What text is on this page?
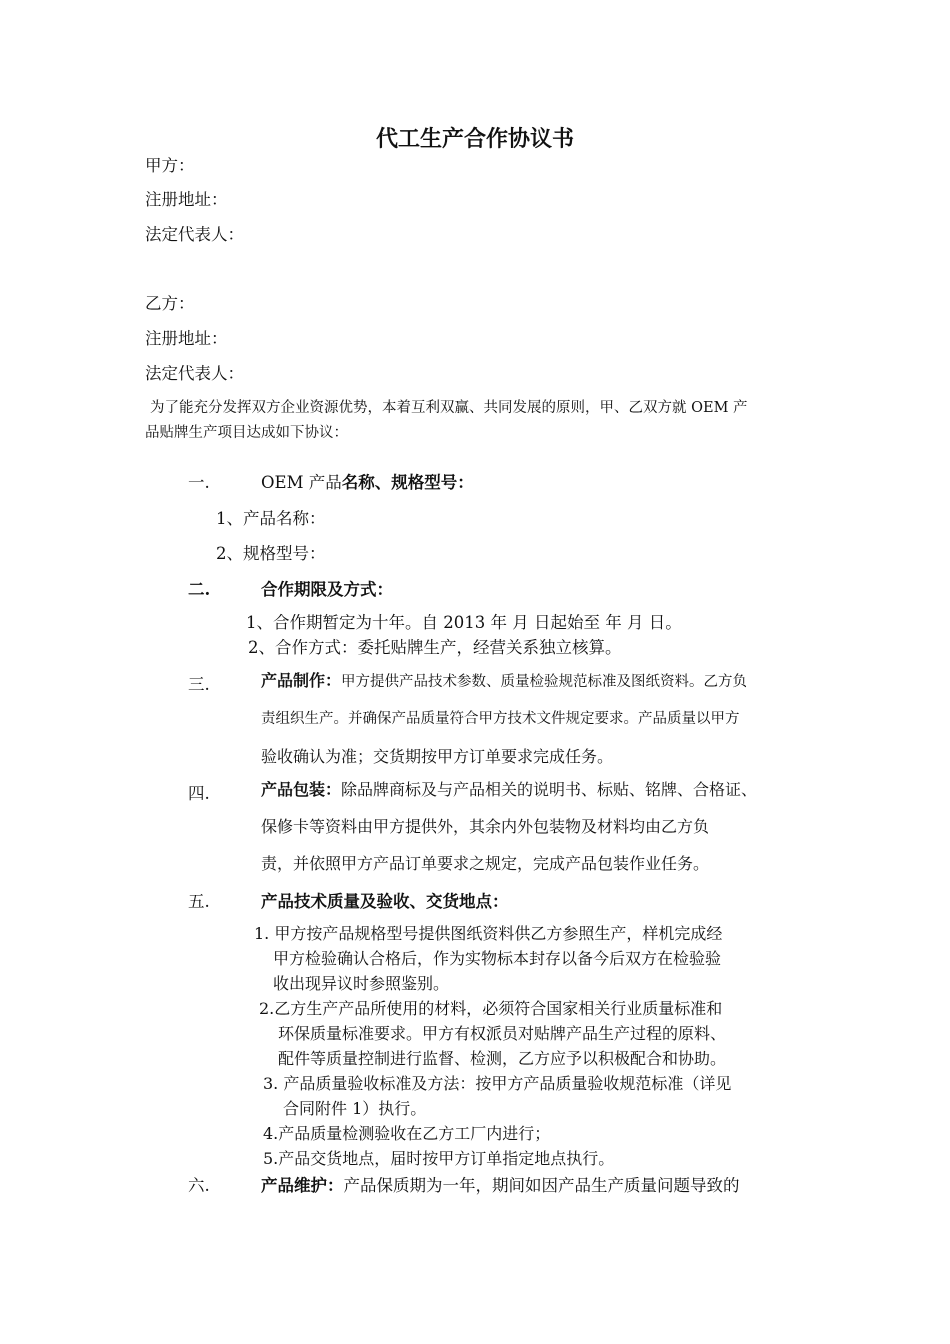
代工生产合作协议书
甲方：
注册地址：
法定代表人：
乙方：
注册地址：
法定代表人：
为了能充分发挥双方企业资源优势，本着互利双赢、共同发展的原则，甲、乙双方就 OEM 产
品贴牌生产项目达成如下协议：
一.	OEM 产品名称、规格型号：
1、产品名称：
2、规格型号：
二.	合作期限及方式：
1、合作期暂定为十年。自 2013 年 月 日起始至 年 月 日。
2、合作方式：委托贴牌生产，经营关系独立核算。
三.	产品制作：甲方提供产品技术参数、质量检验规范标准及图纸资料。乙方负
责组织生产。并确保产品质量符合甲方技术文件规定要求。产品质量以甲方
验收确认为准；交货期按甲方订单要求完成任务。
四.	产品包装：除品牌商标及与产品相关的说明书、标贴、铭牌、合格证、
保修卡等资料由甲方提供外，其余内外包装物及材料均由乙方负
责，并依照甲方产品订单要求之规定，完成产品包装作业任务。
五.	产品技术质量及验收、交货地点：
1. 甲方按产品规格型号提供图纸资料供乙方参照生产，样机完成经
甲方检验确认合格后，作为实物标本封存以备今后双方在检验验
收出现异议时参照鉴别。
2.乙方生产产品所使用的材料，必须符合国家相关行业质量标准和
环保质量标准要求。甲方有权派员对贴牌产品生产过程的原料、
配件等质量控制进行监督、检测，乙方应予以积极配合和协助。
3. 产品质量验收标准及方法：按甲方产品质量验收规范标准（详见
合同附件 1）执行。
4.产品质量检测验收在乙方工厂内进行；
5.产品交货地点，届时按甲方订单指定地点执行。
六.	产品维护：产品保质期为一年，期间如因产品生产质量问题导致的
